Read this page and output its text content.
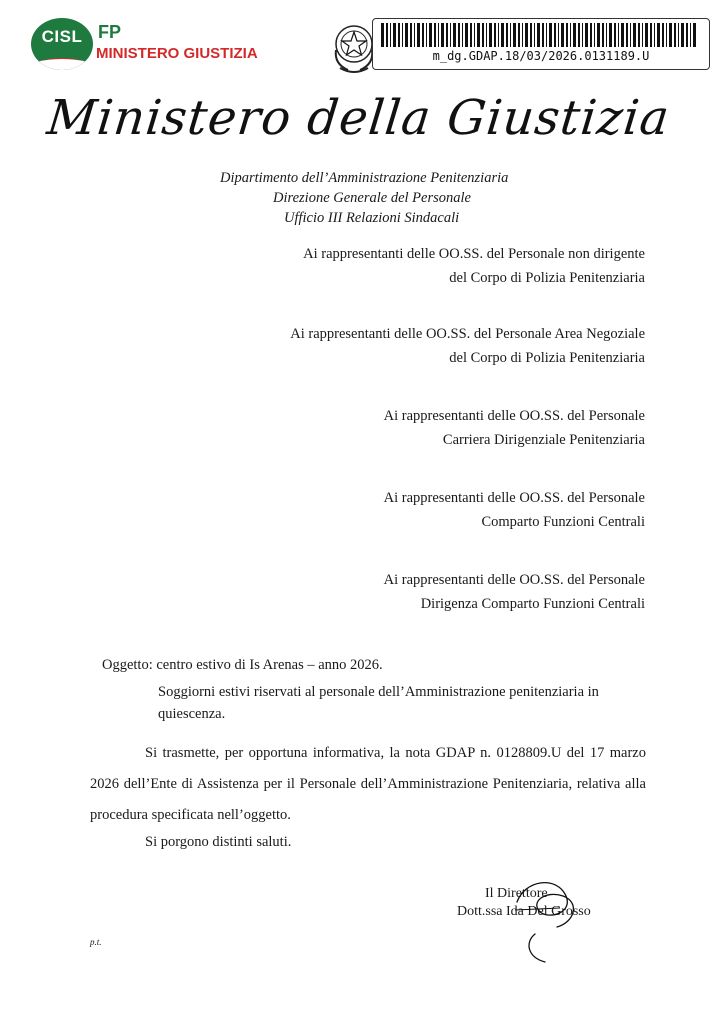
CISL FP
MINISTERO GIUSTIZIA	m_dg.GDAP.18/03/2026.0131189.U
Ministero della Giustizia
Dipartimento dell’Amministrazione Penitenziaria
Direzione Generale del Personale
Ufficio III Relazioni Sindacali
Ai rappresentanti delle OO.SS. del Personale non dirigente
del Corpo di Polizia Penitenziaria
Ai rappresentanti delle OO.SS. del Personale Area Negoziale
del Corpo di Polizia Penitenziaria
Ai rappresentanti delle OO.SS. del Personale
Carriera Dirigenziale Penitenziaria
Ai rappresentanti delle OO.SS. del Personale
Comparto Funzioni Centrali
Ai rappresentanti delle OO.SS. del Personale
Dirigenza Comparto Funzioni Centrali
Oggetto: centro estivo di Is Arenas – anno 2026.
Soggiorni estivi riservati al personale dell’Amministrazione penitenziaria in quiescenza.
Si trasmette, per opportuna informativa, la nota GDAP n. 0128809.U del 17 marzo 2026 dell’Ente di Assistenza per il Personale dell’Amministrazione Penitenziaria, relativa alla procedura specificata nell’oggetto.
Si porgono distinti saluti.
Il Direttore
Dott.ssa Ida Del Grosso
p.t.
